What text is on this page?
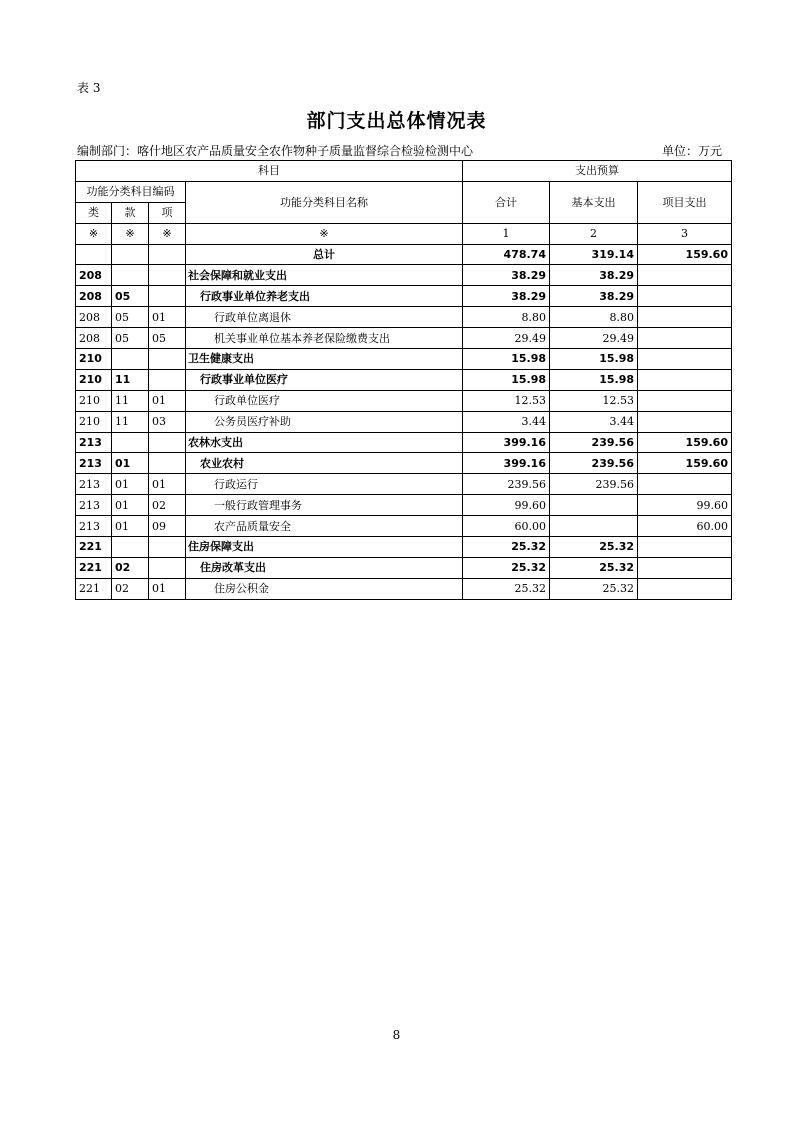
表 3
部门支出总体情况表
编制部门：喀什地区农产品质量安全农作物种子质量监督综合检验检测中心	单位：万元
科目				支出预算		
功能分类科目编码			功能分类科目名称	合计	基本支出	项目支出
类	款	项				
※	※	※	※	1	2	3
			总计	478.74	319.14	159.60
208			社会保障和就业支出	38.29	38.29	
208	05		行政事业单位养老支出	38.29	38.29	
208	05	01	行政单位离退休	8.80	8.80	
208	05	05	机关事业单位基本养老保险缴费支出	29.49	29.49	
210			卫生健康支出	15.98	15.98	
210	11		行政事业单位医疗	15.98	15.98	
210	11	01	行政单位医疗	12.53	12.53	
210	11	03	公务员医疗补助	3.44	3.44	
213			农林水支出	399.16	239.56	159.60
213	01		农业农村	399.16	239.56	159.60
213	01	01	行政运行	239.56	239.56	
213	01	02	一般行政管理事务	99.60		99.60
213	01	09	农产品质量安全	60.00		60.00
221			住房保障支出	25.32	25.32	
221	02		住房改革支出	25.32	25.32	
221	02	01	住房公积金	25.32	25.32	
8
